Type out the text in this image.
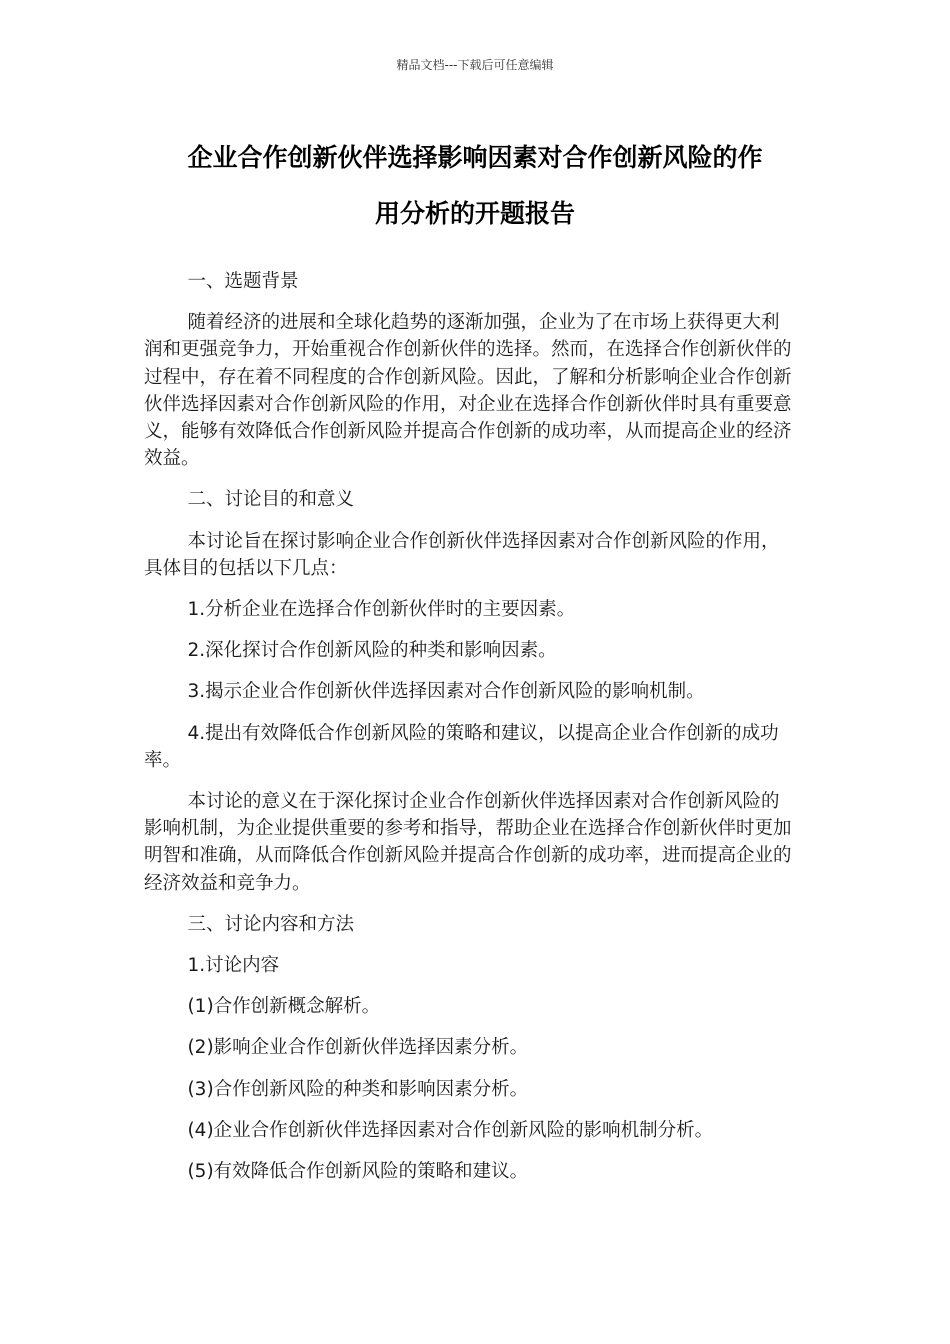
精品文档---下载后可任意编辑
企业合作创新伙伴选择影响因素对合作创新风险的作
用分析的开题报告

一、选题背景

随着经济的进展和全球化趋势的逐渐加强，企业为了在市场上获得更大利润和更强竞争力，开始重视合作创新伙伴的选择。然而，在选择合作创新伙伴的过程中，存在着不同程度的合作创新风险。因此，了解和分析影响企业合作创新伙伴选择因素对合作创新风险的作用，对企业在选择合作创新伙伴时具有重要意义，能够有效降低合作创新风险并提高合作创新的成功率，从而提高企业的经济效益。

二、讨论目的和意义

本讨论旨在探讨影响企业合作创新伙伴选择因素对合作创新风险的作用，具体目的包括以下几点：

1.分析企业在选择合作创新伙伴时的主要因素。

2.深化探讨合作创新风险的种类和影响因素。

3.揭示企业合作创新伙伴选择因素对合作创新风险的影响机制。

4.提出有效降低合作创新风险的策略和建议，以提高企业合作创新的成功率。

本讨论的意义在于深化探讨企业合作创新伙伴选择因素对合作创新风险的影响机制，为企业提供重要的参考和指导，帮助企业在选择合作创新伙伴时更加明智和准确，从而降低合作创新风险并提高合作创新的成功率，进而提高企业的经济效益和竞争力。

三、讨论内容和方法

1.讨论内容

(1)合作创新概念解析。

(2)影响企业合作创新伙伴选择因素分析。

(3)合作创新风险的种类和影响因素分析。

(4)企业合作创新伙伴选择因素对合作创新风险的影响机制分析。

(5)有效降低合作创新风险的策略和建议。
